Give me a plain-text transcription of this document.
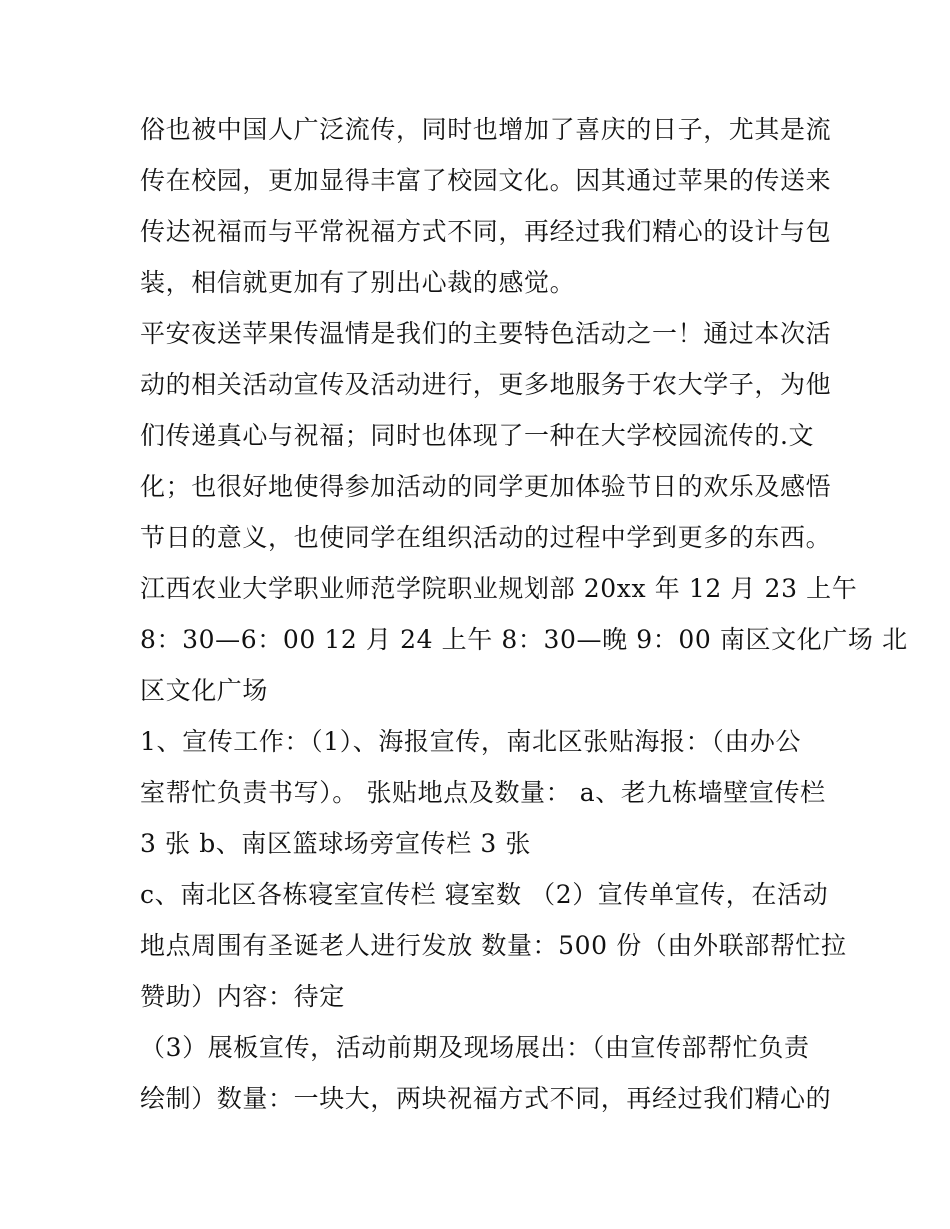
俗也被中国人广泛流传，同时也增加了喜庆的日子，尤其是流
传在校园，更加显得丰富了校园文化。因其通过苹果的传送来
传达祝福而与平常祝福方式不同，再经过我们精心的设计与包
装，相信就更加有了别出心裁的感觉。
平安夜送苹果传温情是我们的主要特色活动之一！通过本次活
动的相关活动宣传及活动进行，更多地服务于农大学子，为他
们传递真心与祝福；同时也体现了一种在大学校园流传的.文
化；也很好地使得参加活动的同学更加体验节日的欢乐及感悟
节日的意义，也使同学在组织活动的过程中学到更多的东西。
江西农业大学职业师范学院职业规划部 20xx 年 12 月 23 上午
8：30—6：00 12 月 24 上午 8：30—晚 9：00 南区文化广场 北
区文化广场
1、宣传工作：（1）、海报宣传，南北区张贴海报：（由办公
室帮忙负责书写）。 张贴地点及数量： a、老九栋墙壁宣传栏
3 张 b、南区篮球场旁宣传栏 3 张
c、南北区各栋寝室宣传栏 寝室数 （2）宣传单宣传，在活动
地点周围有圣诞老人进行发放 数量：500 份（由外联部帮忙拉
赞助）内容：待定
（3）展板宣传，活动前期及现场展出：（由宣传部帮忙负责
绘制）数量：一块大，两块祝福方式不同，再经过我们精心的
